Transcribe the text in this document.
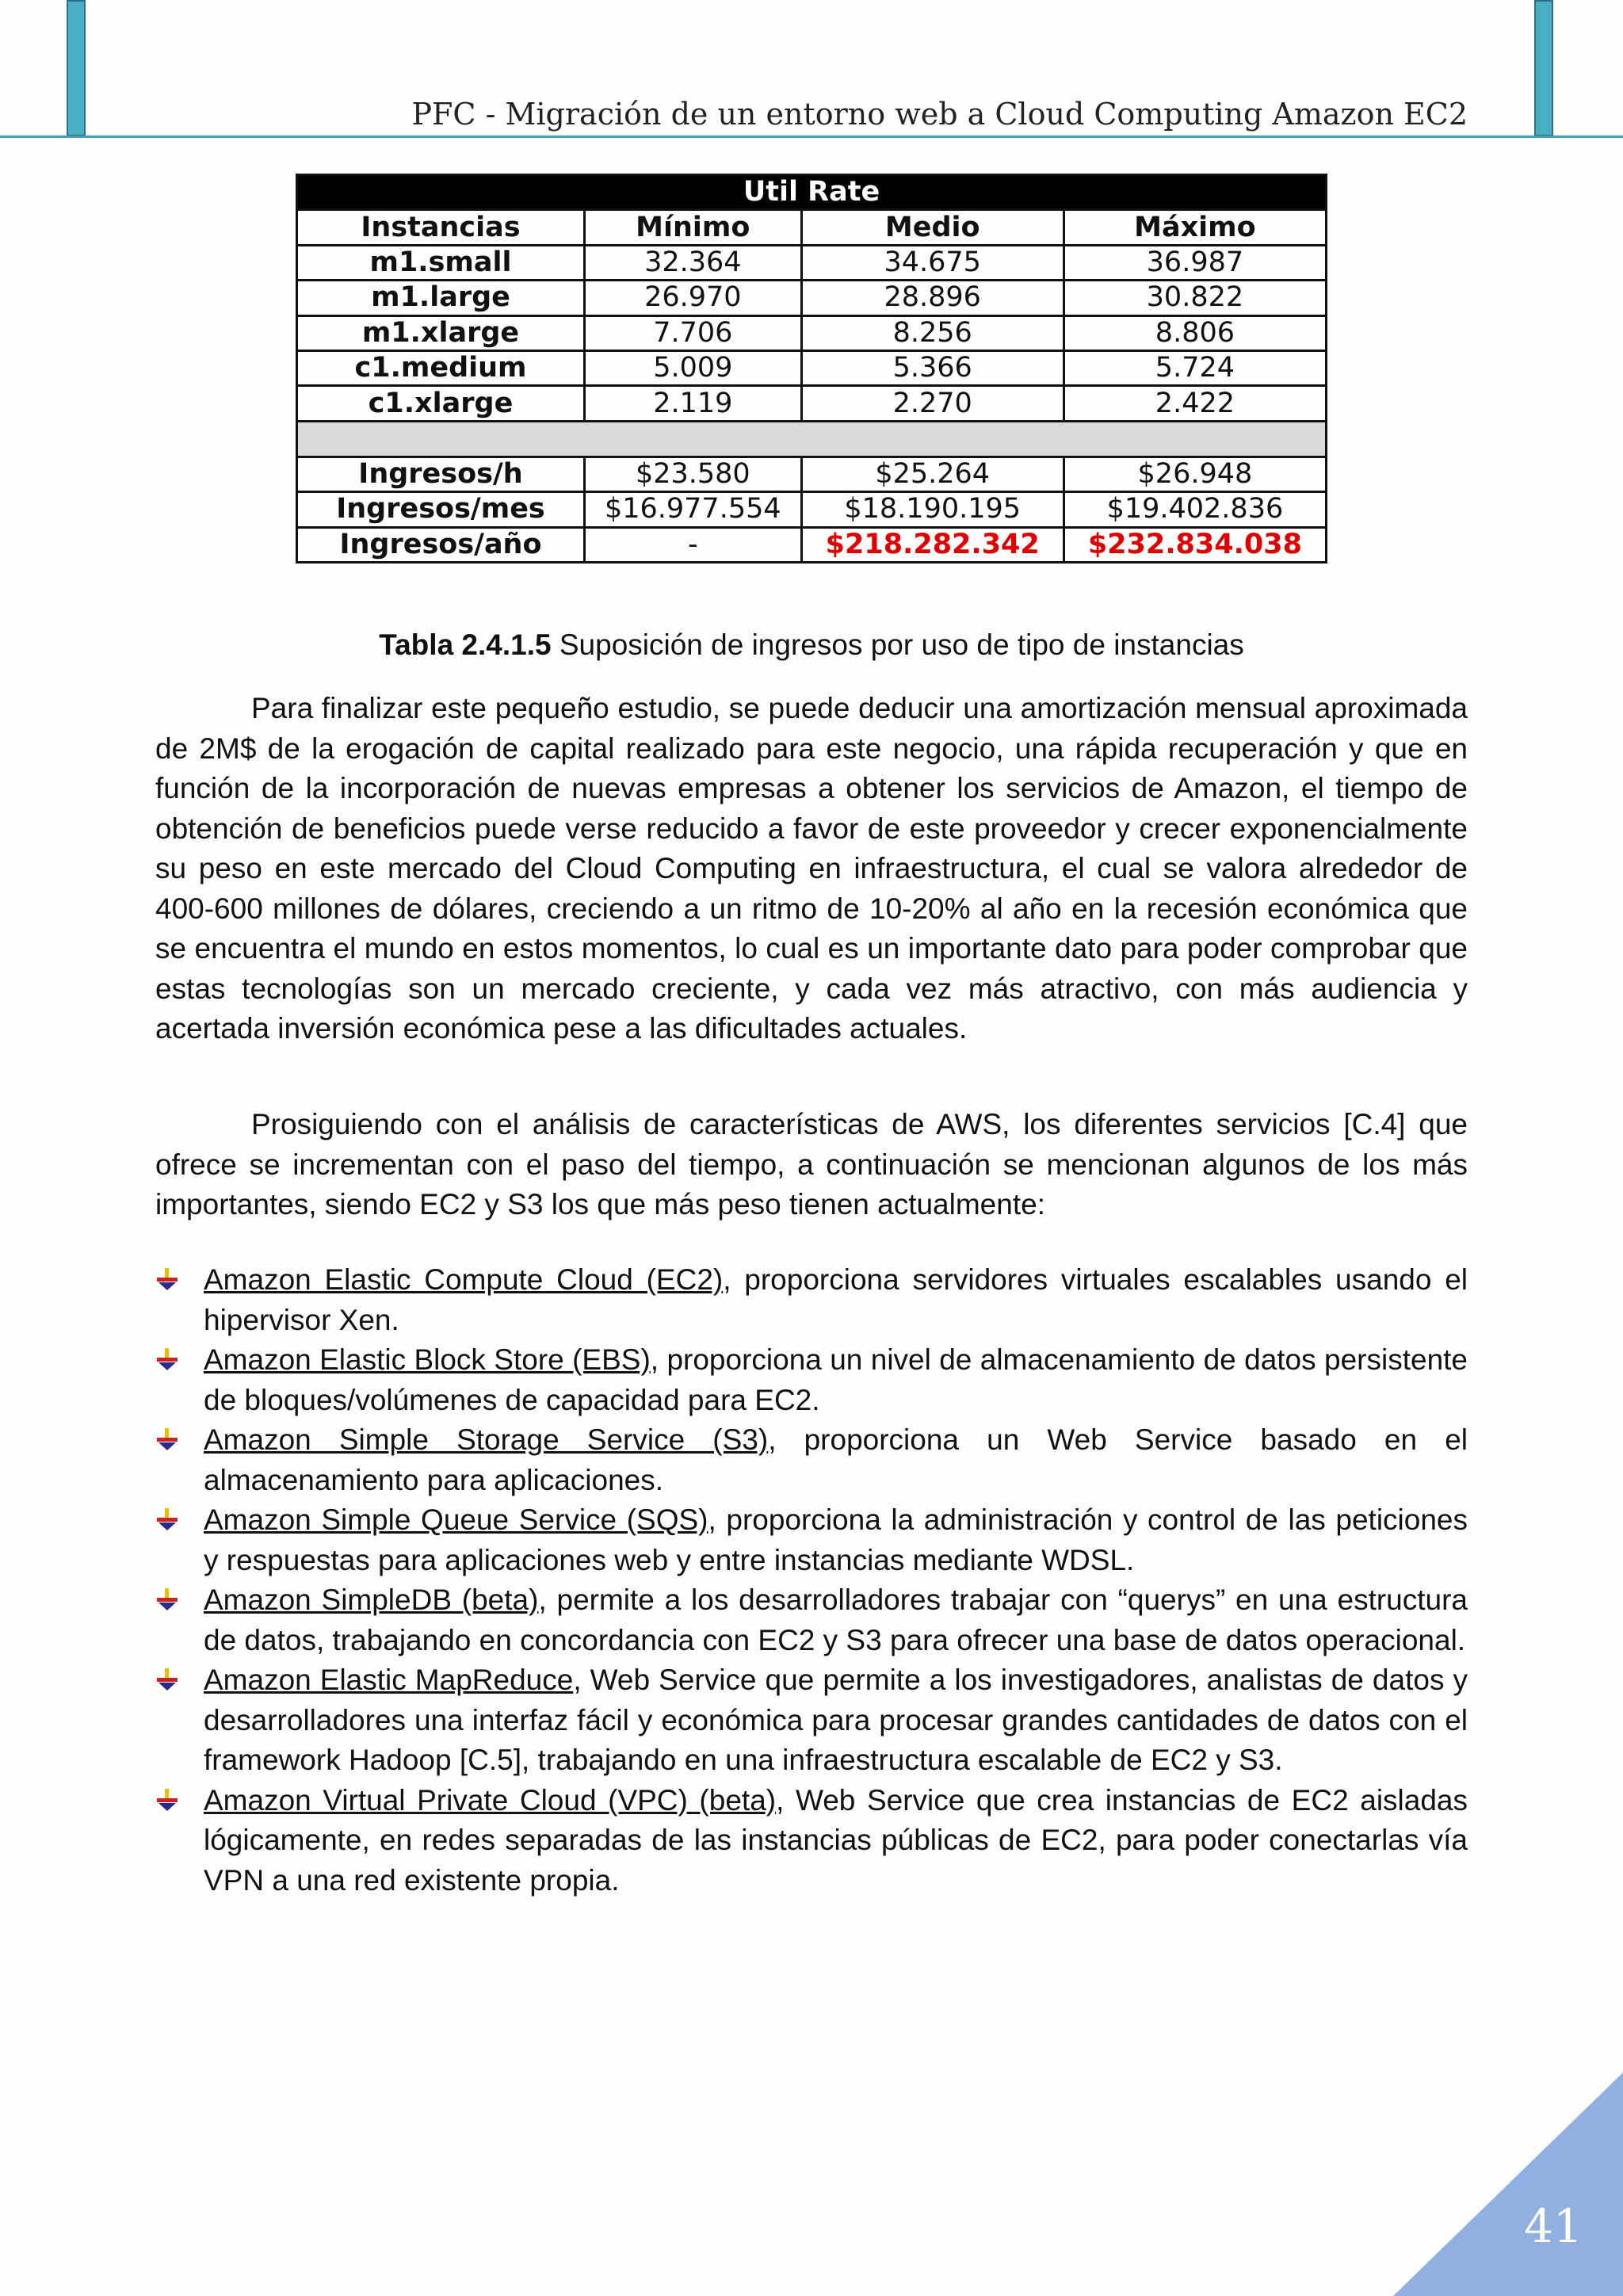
PFC - Migración de un entorno web a Cloud Computing Amazon EC2
Util Rate			
Instancias	Mínimo	Medio	Máximo
m1.small	32.364	34.675	36.987
m1.large	26.970	28.896	30.822
m1.xlarge	7.706	8.256	8.806
c1.medium	5.009	5.366	5.724
c1.xlarge	2.119	2.270	2.422

Ingresos/h	$23.580	$25.264	$26.948
Ingresos/mes	$16.977.554	$18.190.195	$19.402.836
Ingresos/año	-	$218.282.342	$232.834.038
Tabla 2.4.1.5 Suposición de ingresos por uso de tipo de instancias

Para finalizar este pequeño estudio, se puede deducir una amortización mensual aproximada de 2M$ de la erogación de capital realizado para este negocio, una rápida recuperación y que en función de la incorporación de nuevas empresas a obtener los servicios de Amazon, el tiempo de obtención de beneficios puede verse reducido a favor de este proveedor y crecer exponencialmente su peso en este mercado del Cloud Computing en infraestructura, el cual se valora alrededor de 400-600 millones de dólares, creciendo a un ritmo de 10-20% al año en la recesión económica que se encuentra el mundo en estos momentos, lo cual es un importante dato para poder comprobar que estas tecnologías son un mercado creciente, y cada vez más atractivo, con más audiencia y acertada inversión económica pese a las dificultades actuales.

Prosiguiendo con el análisis de características de AWS, los diferentes servicios [C.4] que ofrece se incrementan con el paso del tiempo, a continuación se mencionan algunos de los más importantes, siendo EC2 y S3 los que más peso tienen actualmente:

Amazon Elastic Compute Cloud (EC2), proporciona servidores virtuales escalables usando el hipervisor Xen.
Amazon Elastic Block Store (EBS), proporciona un nivel de almacenamiento de datos persistente de bloques/volúmenes de capacidad para EC2.
Amazon Simple Storage Service (S3), proporciona un Web Service basado en el almacenamiento para aplicaciones.
Amazon Simple Queue Service (SQS), proporciona la administración y control de las peticiones y respuestas para aplicaciones web y entre instancias mediante WDSL.
Amazon SimpleDB (beta), permite a los desarrolladores trabajar con “querys” en una estructura de datos, trabajando en concordancia con EC2 y S3 para ofrecer una base de datos operacional.
Amazon Elastic MapReduce, Web Service que permite a los investigadores, analistas de datos y desarrolladores una interfaz fácil y económica para procesar grandes cantidades de datos con el framework Hadoop [C.5], trabajando en una infraestructura escalable de EC2 y S3.
Amazon Virtual Private Cloud (VPC) (beta), Web Service que crea instancias de EC2 aisladas lógicamente, en redes separadas de las instancias públicas de EC2, para poder conectarlas vía VPN a una red existente propia.
41
